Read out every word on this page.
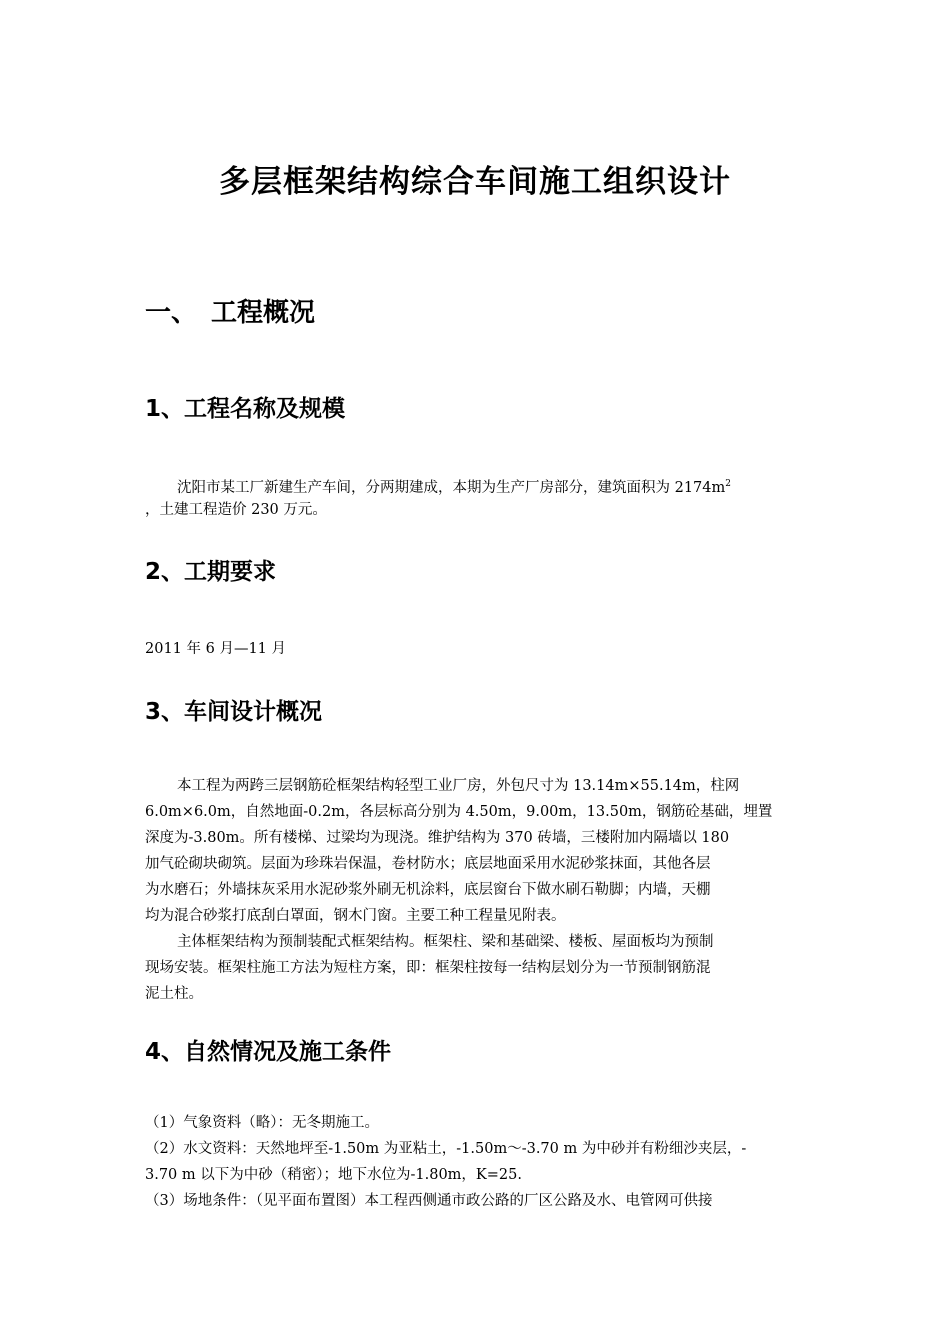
多层框架结构综合车间施工组织设计
一、 工程概况
1、工程名称及规模
沈阳市某工厂新建生产车间，分两期建成，本期为生产厂房部分，建筑面积为 $2174m^2$
，土建工程造价 230 万元。
2、工期要求
2011 年 6 月—11 月
3、车间设计概况
本工程为两跨三层钢筋砼框架结构轻型工业厂房，外包尺寸为 13.14m×55.14m，柱网
6.0m×6.0m，自然地面-0.2m，各层标高分别为 4.50m，9.00m，13.50m，钢筋砼基础，埋置
深度为-3.80m。所有楼梯、过梁均为现浇。维护结构为 370 砖墙，三楼附加内隔墙以 180
加气砼砌块砌筑。层面为珍珠岩保温，卷材防水；底层地面采用水泥砂浆抹面，其他各层
为水磨石；外墙抹灰采用水泥砂浆外刷无机涂料，底层窗台下做水刷石勒脚；内墙，天棚
均为混合砂浆打底刮白罩面，钢木门窗。主要工种工程量见附表。
主体框架结构为预制装配式框架结构。框架柱、梁和基础梁、楼板、屋面板均为预制
现场安装。框架柱施工方法为短柱方案，即：框架柱按每一结构层划分为一节预制钢筋混
泥土柱。
4、自然情况及施工条件
（1）气象资料（略）：无冬期施工。
（2）水文资料：天然地坪至-1.50m 为亚粘土，-1.50m～-3.70 m 为中砂并有粉细沙夹层，-
3.70 m 以下为中砂（稍密）；地下水位为-1.80m，K=25.
（3）场地条件：（见平面布置图）本工程西侧通市政公路的厂区公路及水、电管网可供接
